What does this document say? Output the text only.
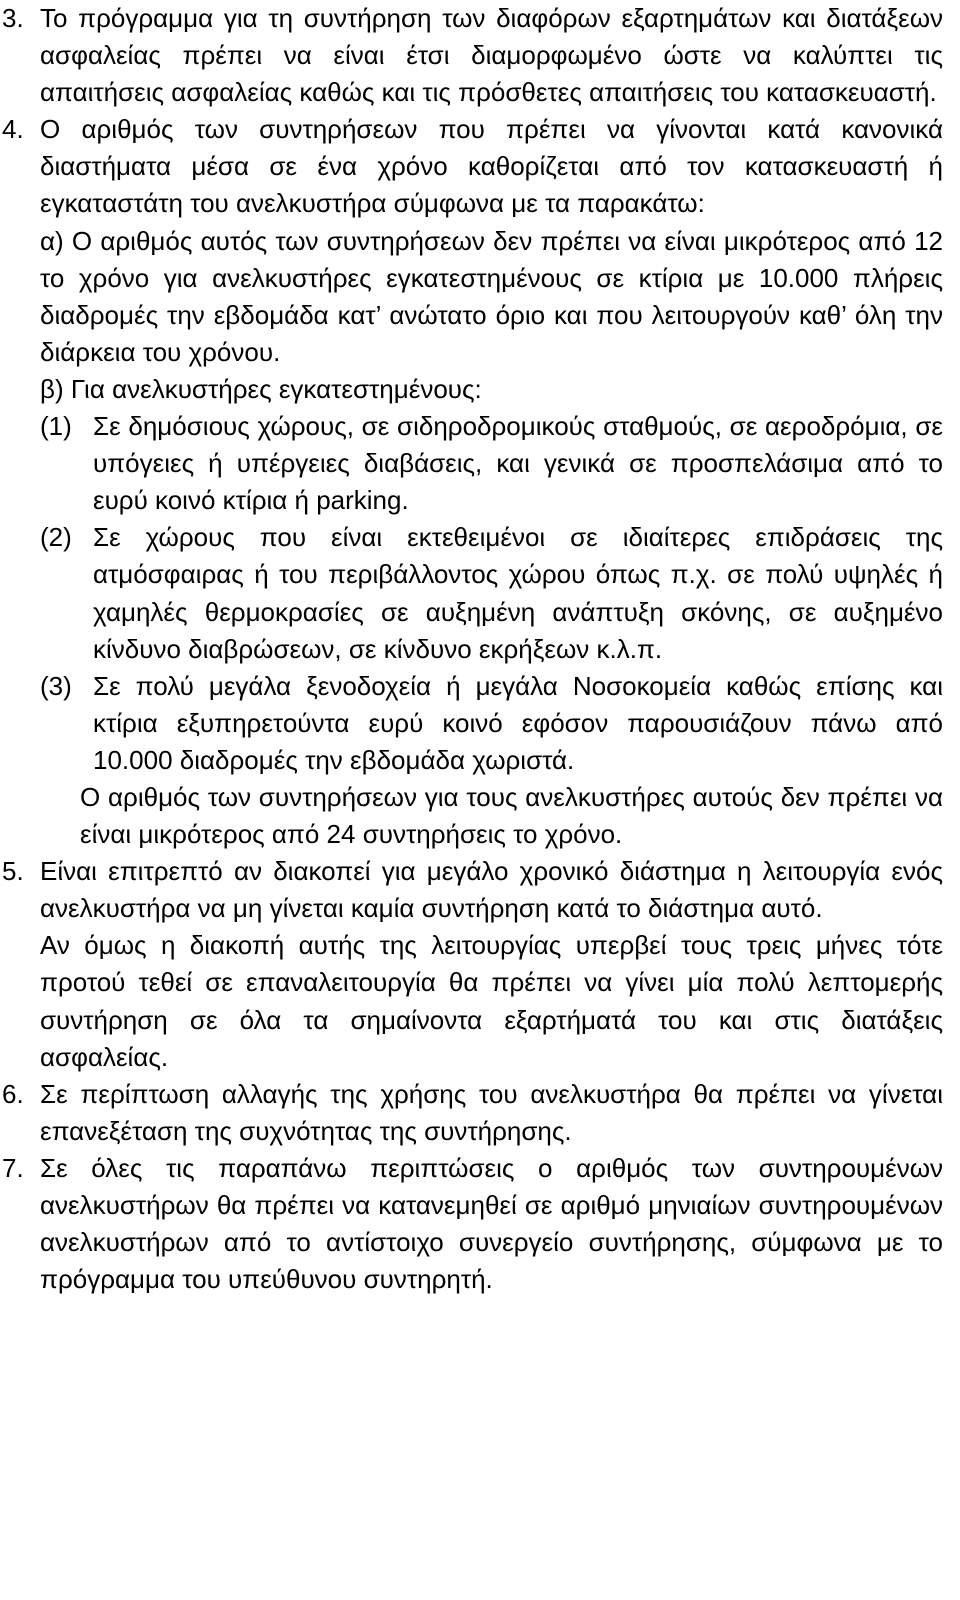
3. Το πρόγραμμα για τη συντήρηση των διαφόρων εξαρτημάτων και διατάξεων ασφαλείας πρέπει να είναι έτσι διαμορφωμένο ώστε να καλύπτει τις απαιτήσεις ασφαλείας καθώς και τις πρόσθετες απαιτήσεις του κατασκευαστή.

4. Ο αριθμός των συντηρήσεων που πρέπει να γίνονται κατά κανονικά διαστήματα μέσα σε ένα χρόνο καθορίζεται από τον κατασκευαστή ή εγκαταστάτη του ανελκυστήρα σύμφωνα με τα παρακάτω:

α) Ο αριθμός αυτός των συντηρήσεων δεν πρέπει να είναι μικρότερος από 12 το χρόνο για ανελκυστήρες εγκατεστημένους σε κτίρια με 10.000 πλήρεις διαδρομές την εβδομάδα κατ’ ανώτατο όριο και που λειτουργούν καθ’ όλη την διάρκεια του χρόνου.

β) Για ανελκυστήρες εγκατεστημένους:

(1) Σε δημόσιους χώρους, σε σιδηροδρομικούς σταθμούς, σε αεροδρόμια, σε υπόγειες ή υπέργειες διαβάσεις, και γενικά σε προσπελάσιμα από το ευρύ κοινό κτίρια ή parking.

(2) Σε χώρους που είναι εκτεθειμένοι σε ιδιαίτερες επιδράσεις της ατμόσφαιρας ή του περιβάλλοντος χώρου όπως π.χ. σε πολύ υψηλές ή χαμηλές θερμοκρασίες σε αυξημένη ανάπτυξη σκόνης, σε αυξημένο κίνδυνο διαβρώσεων, σε κίνδυνο εκρήξεων κ.λ.π.

(3) Σε πολύ μεγάλα ξενοδοχεία ή μεγάλα Νοσοκομεία καθώς επίσης και κτίρια εξυπηρετούντα ευρύ κοινό εφόσον παρουσιάζουν πάνω από 10.000 διαδρομές την εβδομάδα χωριστά.

Ο αριθμός των συντηρήσεων για τους ανελκυστήρες αυτούς δεν πρέπει να είναι μικρότερος από 24 συντηρήσεις το χρόνο.

5. Είναι επιτρεπτό αν διακοπεί για μεγάλο χρονικό διάστημα η λειτουργία ενός ανελκυστήρα να μη γίνεται καμία συντήρηση κατά το διάστημα αυτό.

Αν όμως η διακοπή αυτής της λειτουργίας υπερβεί τους τρεις μήνες τότε προτού τεθεί σε επαναλειτουργία θα πρέπει να γίνει μία πολύ λεπτομερής συντήρηση σε όλα τα σημαίνοντα εξαρτήματά του και στις διατάξεις ασφαλείας.

6. Σε περίπτωση αλλαγής της χρήσης του ανελκυστήρα θα πρέπει να γίνεται επανεξέταση της συχνότητας της συντήρησης.

7. Σε όλες τις παραπάνω περιπτώσεις ο αριθμός των συντηρουμένων ανελκυστήρων θα πρέπει να κατανεμηθεί σε αριθμό μηνιαίων συντηρουμένων ανελκυστήρων από το αντίστοιχο συνεργείο συντήρησης, σύμφωνα με το πρόγραμμα του υπεύθυνου συντηρητή.
